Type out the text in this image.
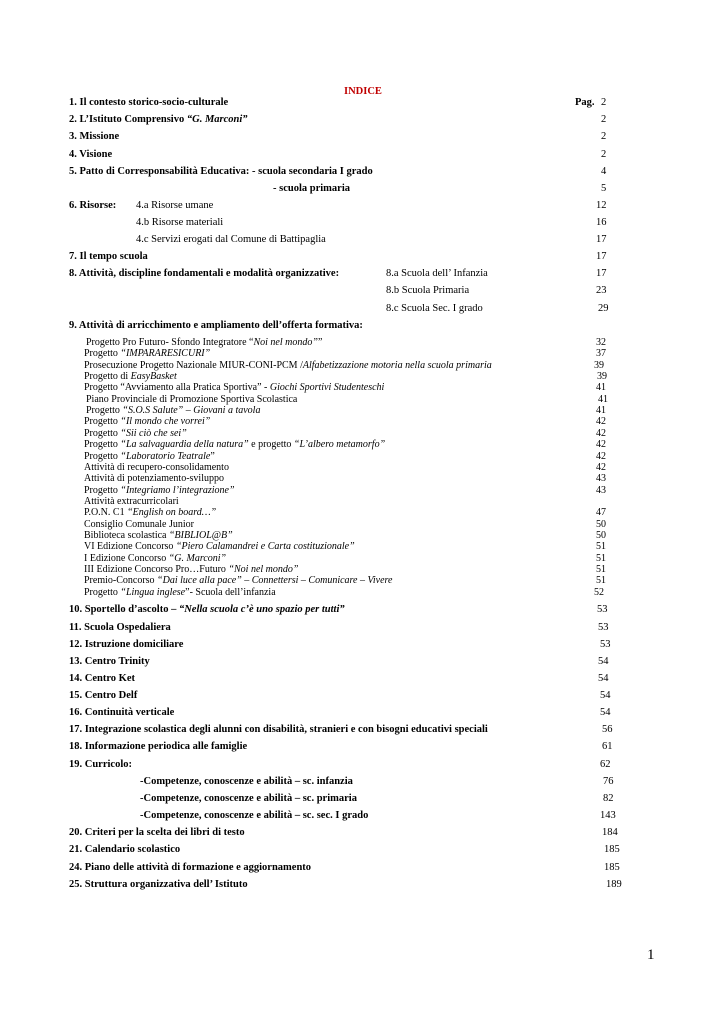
INDICE
Pag.
1. Il contesto storico-socio-culturale	2
2. L’Istituto Comprensivo “G. Marconi”	2
3. Missione	2
4. Visione	2
5. Patto di Corresponsabilità Educativa: - scuola secondaria I grado	4
- scuola primaria	5
6. Risorse: 4.a Risorse umane	12
4.b Risorse materiali	16
4.c Servizi erogati dal Comune di Battipaglia	17
7. Il tempo scuola	17
8. Attività, discipline fondamentali e modalità organizzative:	8.a Scuola dell’ Infanzia	17
8.b Scuola Primaria	23
8.c Scuola Sec. I grado	29
9. Attività di arricchimento e ampliamento dell’offerta formativa:
Progetto Pro Futuro- Sfondo Integratore “Noi nel mondo””	32
Progetto “IMPARARESICURI”	37
Prosecuzione Progetto Nazionale MIUR-CONI-PCM /Alfabetizzazione motoria nella scuola primaria	39
Progetto di EasyBasket	39
Progetto “Avviamento alla Pratica Sportiva” - Giochi Sportivi Studenteschi	41
Piano Provinciale di Promozione Sportiva Scolastica	41
Progetto “S.O.S Salute” – Giovani a tavola	41
Progetto “Il mondo che vorrei”	42
Progetto “Sii ciò che sei”	42
Progetto “La salvaguardia della natura” e progetto “L’albero metamorfo”	42
Progetto “Laboratorio Teatrale”	42
Attività di recupero-consolidamento	42
Attività di potenziamento-sviluppo	43
Progetto “Integriamo l’integrazione”	43
Attività extracurricolari
P.O.N. C1 “English on board…”	47
Consiglio Comunale Junior	50
Biblioteca scolastica “BIBLIOL@B”	50
VI Edizione Concorso “Piero Calamandrei e Carta costituzionale”	51
I Edizione Concorso “G. Marconi”	51
III Edizione Concorso Pro…Futuro “Noi nel mondo”	51
Premio-Concorso “Dai luce alla pace” – Connettersi – Comunicare – Vivere	51
Progetto “Lingua inglese”- Scuola dell’infanzia	52
10. Sportello d’ascolto – “Nella scuola c’è uno spazio per tutti”	53
11. Scuola Ospedaliera	53
12. Istruzione domiciliare	53
13. Centro Trinity	54
14. Centro Ket	54
15. Centro Delf	54
16. Continuità verticale	54
17. Integrazione scolastica degli alunni con disabilità, stranieri e con bisogni educativi speciali	56
18. Informazione periodica alle famiglie	61
19. Curricolo:	62
-Competenze, conoscenze e abilità – sc. infanzia	76
-Competenze, conoscenze e abilità – sc. primaria	82
-Competenze, conoscenze e abilità – sc. sec. I grado	143
20. Criteri per la scelta dei libri di testo	184
21. Calendario scolastico	185
24. Piano delle attività di formazione e aggiornamento	185
25. Struttura organizzativa dell’ Istituto	189
1
